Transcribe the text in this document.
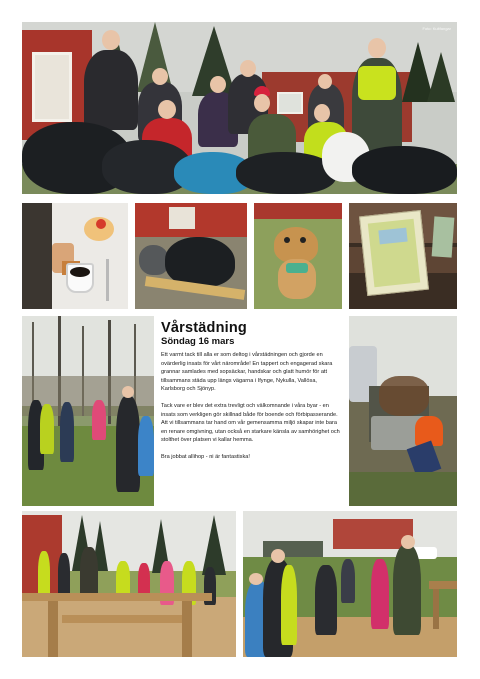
Foto: Kultfangar
Vårstädning
Söndag 16 mars

Ett varmt tack till alla er som deltog i vårstädningen och gjorde en ovärderlig insats för vårt närområde! En tappert och engagerad skara grannar samlades med sopsäckar, handskar och glatt humör för att tillsammans städa upp längs vägarna i Ifynge, Nykulla, Vallösa, Karlsborg och Sjönyp.

Tack vare er blev det extra trevligt och välkomnande i våra byar - en insats som verkligen gör skillnad både för boende och förbipasserande. Att vi tillsammans tar hand om vår gemensamma miljö skapar inte bara en renare omgivning, utan också en starkare känsla av samhörighet och stolthet över platsen vi kallar hemma.

Bra jobbat allihop - ni är fantastiska!
